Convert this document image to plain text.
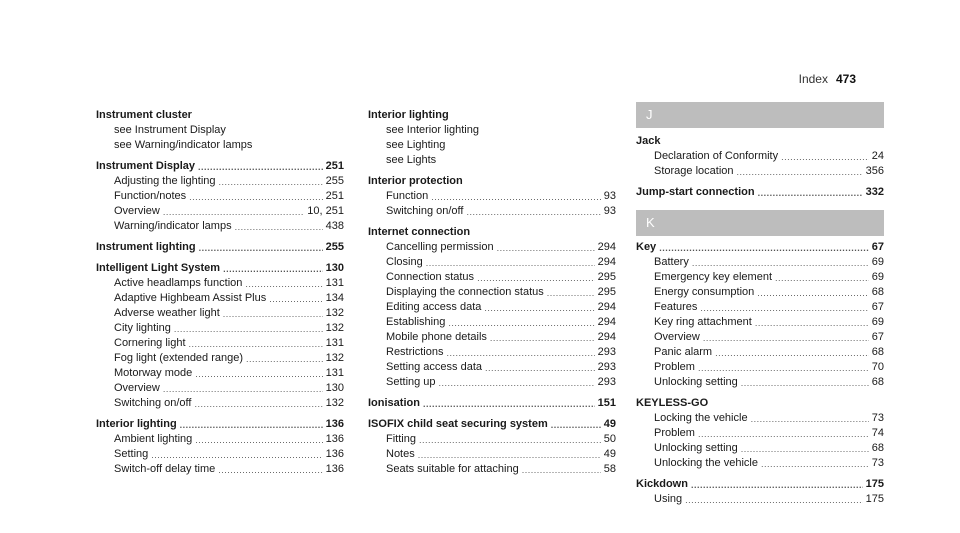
Index 473
Instrument cluster
see Instrument Display
see Warning/indicator lamps
Instrument Display .....	251
Adjusting the lighting .....	255
Function/notes .....	251
Overview .....	10, 251
Warning/indicator lamps .....	438
Instrument lighting .....	255
Intelligent Light System .....	130
Active headlamps function .....	131
Adaptive Highbeam Assist Plus .....	134
Adverse weather light .....	132
City lighting .....	132
Cornering light .....	131
Fog light (extended range) .....	132
Motorway mode .....	131
Overview .....	130
Switching on/off .....	132
Interior lighting .....	136
Ambient lighting .....	136
Setting .....	136
Switch-off delay time .....	136
Interior lighting
see Interior lighting
see Lighting
see Lights
Interior protection
Function .....	93
Switching on/off .....	93
Internet connection
Cancelling permission .....	294
Closing .....	294
Connection status .....	295
Displaying the connection status .....	295
Editing access data .....	294
Establishing .....	294
Mobile phone details .....	294
Restrictions .....	293
Setting access data .....	293
Setting up .....	293
Ionisation .....	151
ISOFIX child seat securing system .....	49
Fitting .....	50
Notes .....	49
Seats suitable for attaching .....	58
J
Jack
Declaration of Conformity .....	24
Storage location .....	356
Jump-start connection .....	332
K
Key .....	67
Battery .....	69
Emergency key element .....	69
Energy consumption .....	68
Features .....	67
Key ring attachment .....	69
Overview .....	67
Panic alarm .....	68
Problem .....	70
Unlocking setting .....	68
KEYLESS-GO
Locking the vehicle .....	73
Problem .....	74
Unlocking setting .....	68
Unlocking the vehicle .....	73
Kickdown .....	175
Using .....	175
